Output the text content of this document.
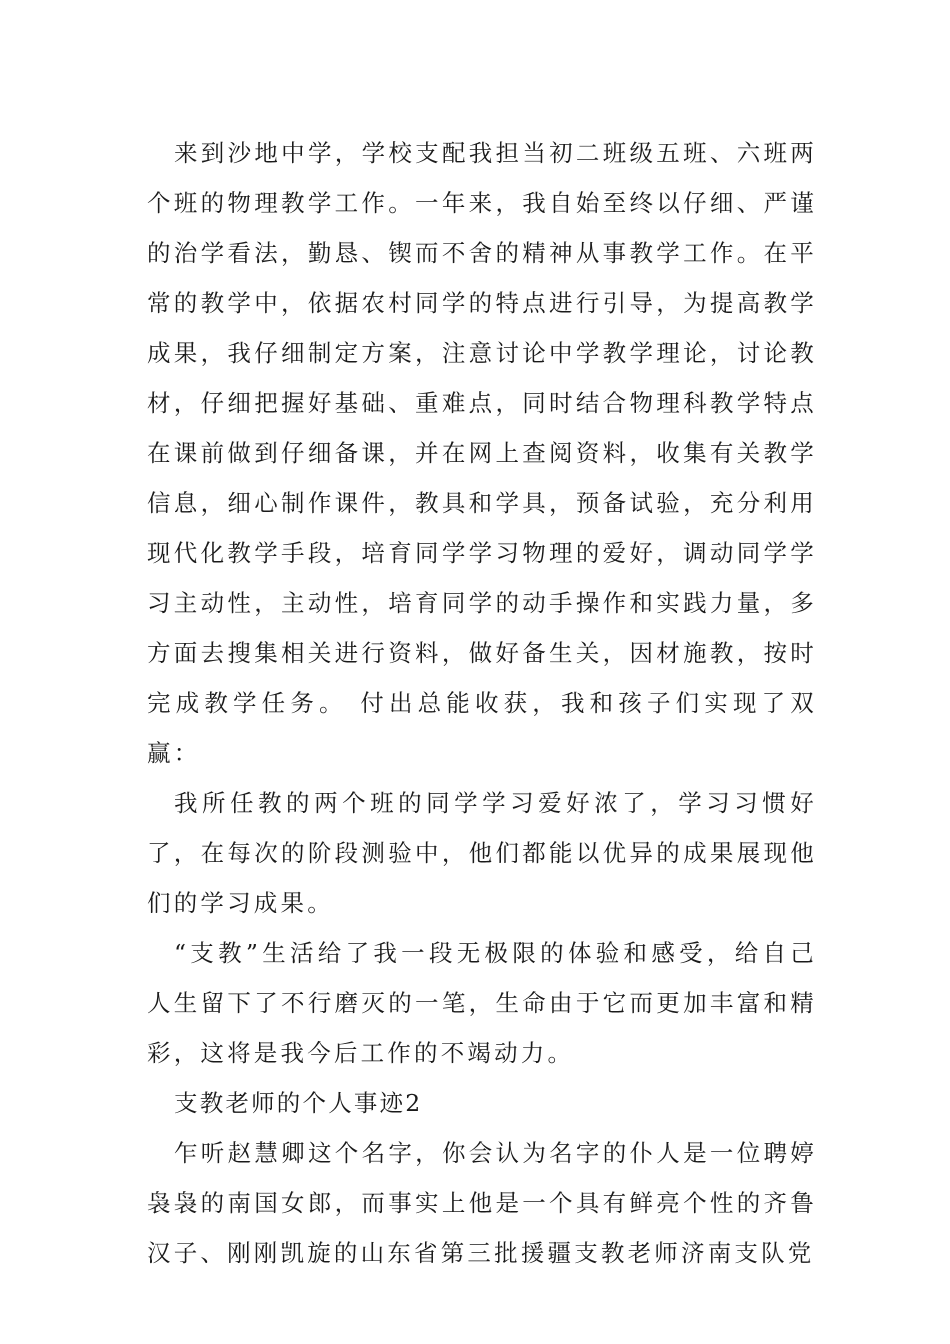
来到沙地中学，学校支配我担当初二班级五班、六班两个班的物理教学工作。一年来，我自始至终以仔细、严谨的治学看法，勤恳、锲而不舍的精神从事教学工作。在平常的教学中，依据农村同学的特点进行引导，为提高教学成果，我仔细制定方案，注意讨论中学教学理论，讨论教材，仔细把握好基础、重难点，同时结合物理科教学特点在课前做到仔细备课，并在网上查阅资料，收集有关教学信息，细心制作课件，教具和学具，预备试验，充分利用现代化教学手段，培育同学学习物理的爱好，调动同学学习主动性，主动性，培育同学的动手操作和实践力量，多方面去搜集相关进行资料，做好备生关，因材施教，按时完成教学任务。 付出总能收获，我和孩子们实现了双赢：

我所任教的两个班的同学学习爱好浓了，学习习惯好了，在每次的阶段测验中，他们都能以优异的成果展现他们的学习成果。

“支教”生活给了我一段无极限的体验和感受，给自己人生留下了不行磨灭的一笔，生命由于它而更加丰富和精彩，这将是我今后工作的不竭动力。

支教老师的个人事迹2

乍听赵慧卿这个名字，你会认为名字的仆人是一位聘婷袅袅的南国女郎，而事实上他是一个具有鲜亮个性的齐鲁汉子、刚刚凯旋的山东省第三批援疆支教老师济南支队党
